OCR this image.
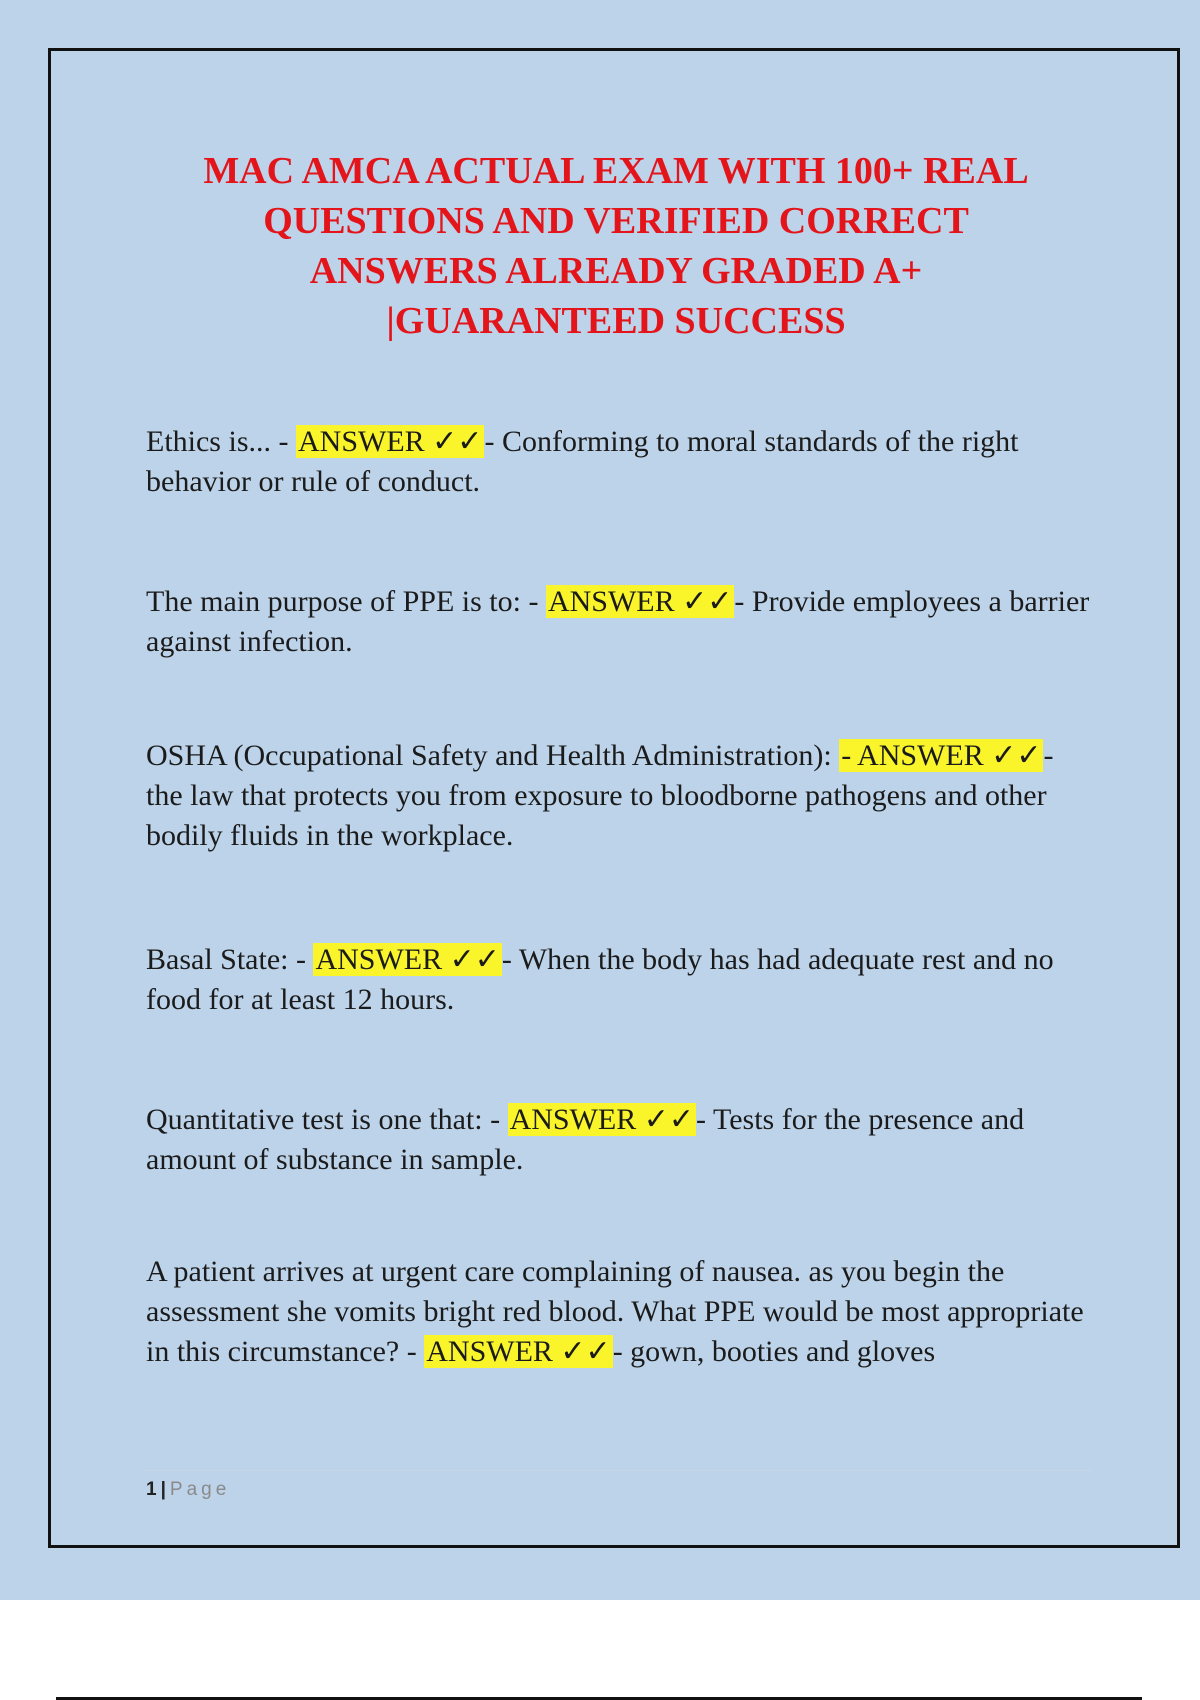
MAC AMCA ACTUAL EXAM WITH 100+ REAL
QUESTIONS AND VERIFIED CORRECT
ANSWERS ALREADY GRADED A+
|GUARANTEED SUCCESS

Ethics is... - ANSWER ✓✓- Conforming to moral standards of the right behavior or rule of conduct.

The main purpose of PPE is to: - ANSWER ✓✓- Provide employees a barrier against infection.

OSHA (Occupational Safety and Health Administration): - ANSWER ✓✓- the law that protects you from exposure to bloodborne pathogens and other bodily fluids in the workplace.

Basal State: - ANSWER ✓✓- When the body has had adequate rest and no food for at least 12 hours.

Quantitative test is one that: - ANSWER ✓✓- Tests for the presence and amount of substance in sample.

A patient arrives at urgent care complaining of nausea. as you begin the assessment she vomits bright red blood. What PPE would be most appropriate in this circumstance? - ANSWER ✓✓- gown, booties and gloves

1 | Page
